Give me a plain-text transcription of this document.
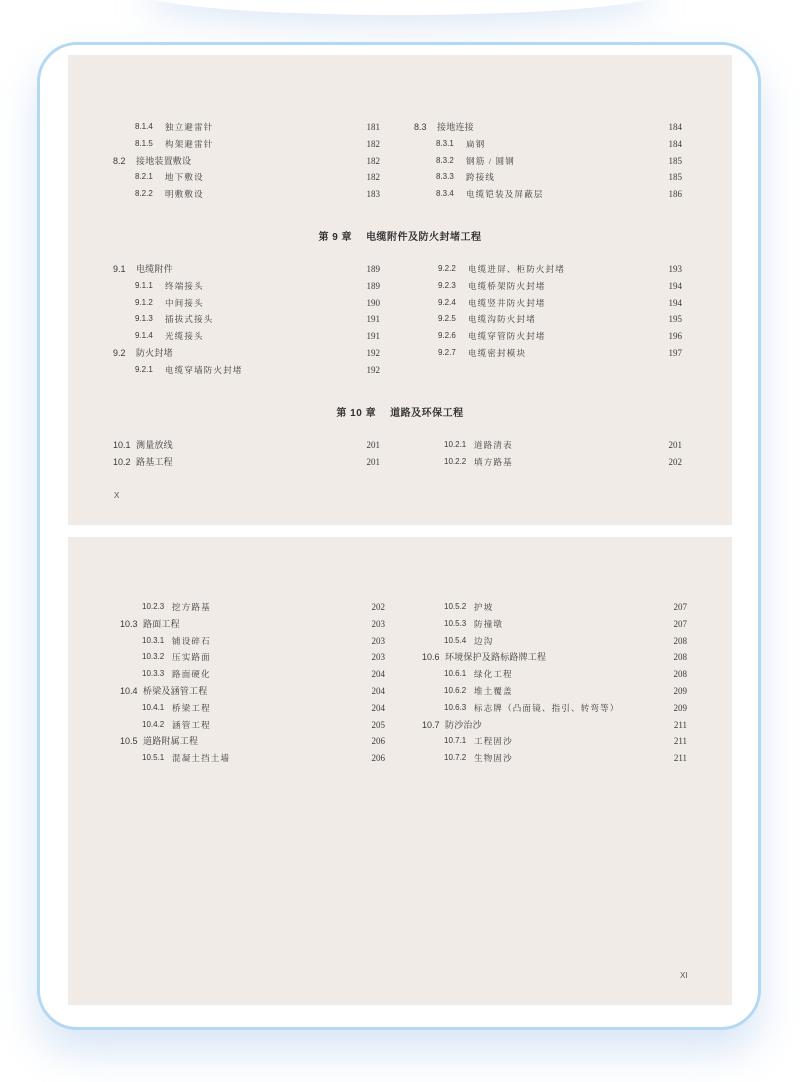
8.1.4 独立避雷针	181
8.1.5 构架避雷针	182
8.2 接地装置敷设	182
8.2.1 地下敷设	182
8.2.2 明敷敷设	183
8.3 接地连接	184
8.3.1 扁钢	184
8.3.2 钢筋 / 圆钢	185
8.3.3 跨接线	185
8.3.4 电缆铠装及屏蔽层	186
第 9 章 电缆附件及防火封堵工程
9.1 电缆附件	189
9.1.1 终端接头	189
9.1.2 中间接头	190
9.1.3 插拔式接头	191
9.1.4 光缆接头	191
9.2 防火封堵	192
9.2.1 电缆穿墙防火封堵	192
9.2.2 电缆进屏、柜防火封堵	193
9.2.3 电缆桥架防火封堵	194
9.2.4 电缆竖井防火封堵	194
9.2.5 电缆沟防火封堵	195
9.2.6 电缆穿管防火封堵	196
9.2.7 电缆密封模块	197
第 10 章 道路及环保工程
10.1 测量放线	201
10.2 路基工程	201
10.2.1 道路清表	201
10.2.2 填方路基	202
X
10.2.3 挖方路基	202
10.3 路面工程	203
10.3.1 铺设碎石	203
10.3.2 压实路面	203
10.3.3 路面硬化	204
10.4 桥梁及涵管工程	204
10.4.1 桥梁工程	204
10.4.2 涵管工程	205
10.5 道路附属工程	206
10.5.1 混凝土挡土墙	206
10.5.2 护坡	207
10.5.3 防撞墩	207
10.5.4 边沟	208
10.6 环境保护及路标路牌工程	208
10.6.1 绿化工程	208
10.6.2 堆土覆盖	209
10.6.3 标志牌（凸面镜、指引、转弯等）	209
10.7 防沙治沙	211
10.7.1 工程固沙	211
10.7.2 生物固沙	211
XI
